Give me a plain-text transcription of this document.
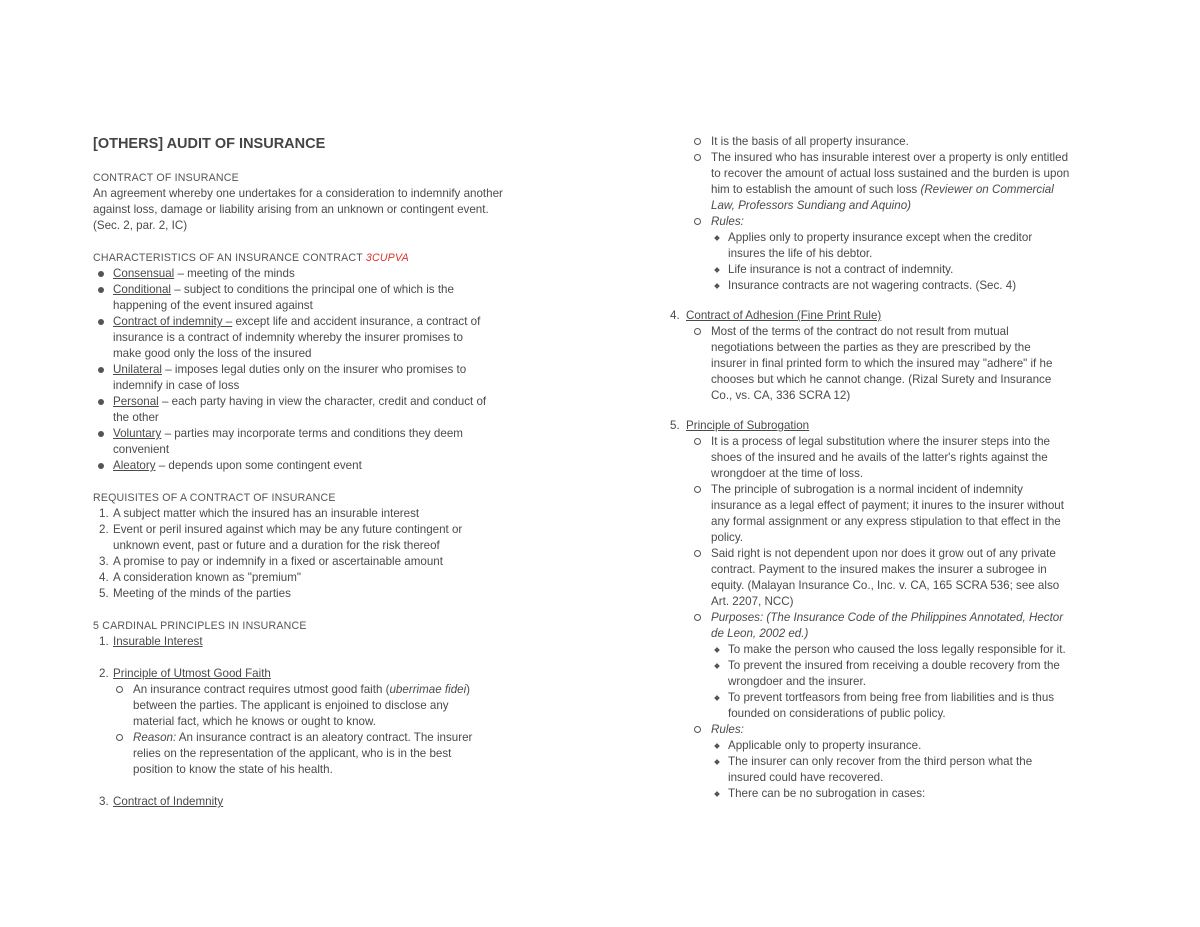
[OTHERS] AUDIT OF INSURANCE

CONTRACT OF INSURANCE

An agreement whereby one undertakes for a consideration to indemnify another
against loss, damage or liability arising from an unknown or contingent event.
(Sec. 2, par. 2, IC)

CHARACTERISTICS OF AN INSURANCE CONTRACT 3CUPVA

Consensual – meeting of the minds
Conditional – subject to conditions the principal one of which is the
happening of the event insured against
Contract of indemnity – except life and accident insurance, a contract of
insurance is a contract of indemnity whereby the insurer promises to
make good only the loss of the insured
Unilateral – imposes legal duties only on the insurer who promises to
indemnify in case of loss
Personal – each party having in view the character, credit and conduct of
the other
Voluntary – parties may incorporate terms and conditions they deem
convenient
Aleatory – depends upon some contingent event

REQUISITES OF A CONTRACT OF INSURANCE

1. A subject matter which the insured has an insurable interest
2. Event or peril insured against which may be any future contingent or
unknown event, past or future and a duration for the risk thereof
3. A promise to pay or indemnify in a fixed or ascertainable amount
4. A consideration known as "premium"
5. Meeting of the minds of the parties

5 CARDINAL PRINCIPLES IN INSURANCE

1. Insurable Interest
2. Principle of Utmost Good Faith
An insurance contract requires utmost good faith (uberrimae fidei)
between the parties. The applicant is enjoined to disclose any
material fact, which he knows or ought to know.
Reason: An insurance contract is an aleatory contract. The insurer
relies on the representation of the applicant, who is in the best
position to know the state of his health.
3. Contract of Indemnity
It is the basis of all property insurance.
The insured who has insurable interest over a property is only entitled
to recover the amount of actual loss sustained and the burden is upon
him to establish the amount of such loss (Reviewer on Commercial
Law, Professors Sundiang and Aquino)
Rules:
Applies only to property insurance except when the creditor
insures the life of his debtor.
Life insurance is not a contract of indemnity.
Insurance contracts are not wagering contracts. (Sec. 4)
4. Contract of Adhesion (Fine Print Rule)
Most of the terms of the contract do not result from mutual
negotiations between the parties as they are prescribed by the
insurer in final printed form to which the insured may "adhere" if he
chooses but which he cannot change. (Rizal Surety and Insurance
Co., vs. CA, 336 SCRA 12)
5. Principle of Subrogation
It is a process of legal substitution where the insurer steps into the
shoes of the insured and he avails of the latter's rights against the
wrongdoer at the time of loss.
The principle of subrogation is a normal incident of indemnity
insurance as a legal effect of payment; it inures to the insurer without
any formal assignment or any express stipulation to that effect in the
policy.
Said right is not dependent upon nor does it grow out of any private
contract. Payment to the insured makes the insurer a subrogee in
equity. (Malayan Insurance Co., Inc. v. CA, 165 SCRA 536; see also
Art. 2207, NCC)
Purposes: (The Insurance Code of the Philippines Annotated, Hector
de Leon, 2002 ed.)
To make the person who caused the loss legally responsible for it.
To prevent the insured from receiving a double recovery from the
wrongdoer and the insurer.
To prevent tortfeasors from being free from liabilities and is thus
founded on considerations of public policy.
Rules:
Applicable only to property insurance.
The insurer can only recover from the third person what the
insured could have recovered.
There can be no subrogation in cases:
